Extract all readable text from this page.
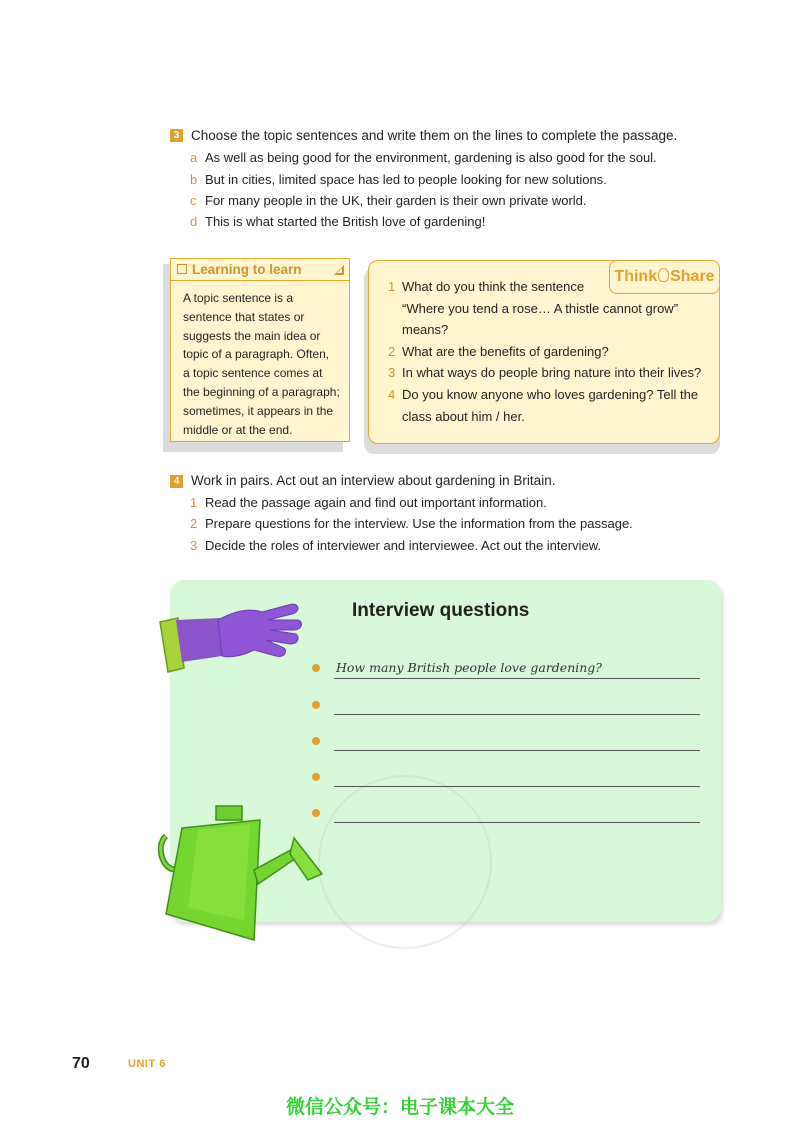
3 Choose the topic sentences and write them on the lines to complete the passage.
a As well as being good for the environment, gardening is also good for the soul.
b But in cities, limited space has led to people looking for new solutions.
c For many people in the UK, their garden is their own private world.
d This is what started the British love of gardening!
Learning to learn
A topic sentence is a
sentence that states or
suggests the main idea or
topic of a paragraph. Often,
a topic sentence comes at
the beginning of a paragraph;
sometimes, it appears in the
middle or at the end.
Think Share
1 What do you think the sentence
“Where you tend a rose… A thistle cannot grow”
means?
2 What are the benefits of gardening?
3 In what ways do people bring nature into their lives?
4 Do you know anyone who loves gardening? Tell the
class about him / her.
4 Work in pairs. Act out an interview about gardening in Britain.
1 Read the passage again and find out important information.
2 Prepare questions for the interview. Use the information from the passage.
3 Decide the roles of interviewer and interviewee. Act out the interview.
Interview questions
How many British people love gardening?
70	UNIT 6
微信公众号：电子课本大全
